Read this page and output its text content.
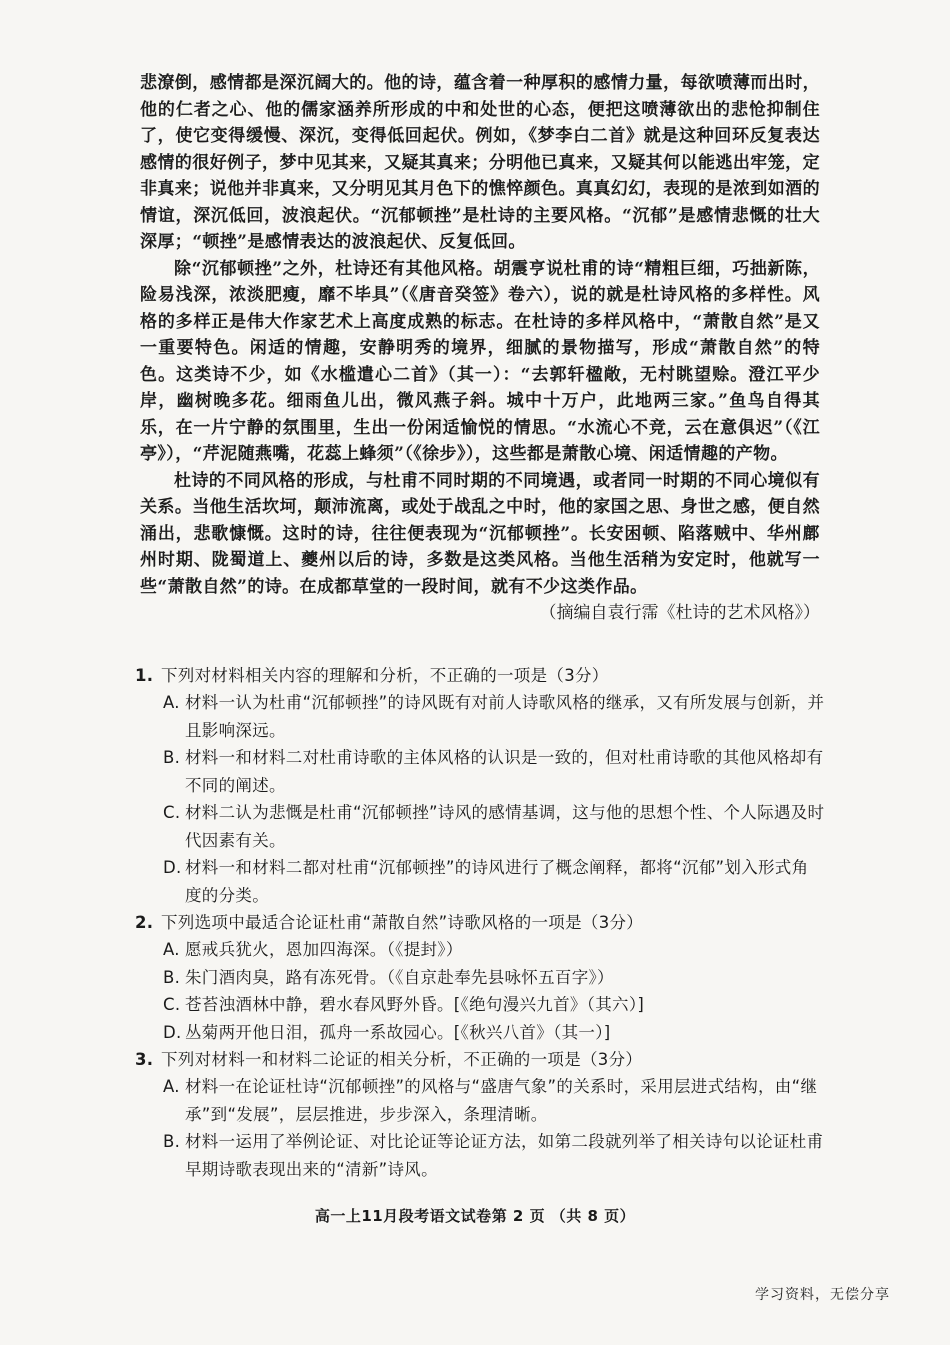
悲潦倒，感情都是深沉阔大的。他的诗，蕴含着一种厚积的感情力量，每欲喷薄而出时，他的仁者之心、他的儒家涵养所形成的中和处世的心态，便把这喷薄欲出的悲怆抑制住了，使它变得缓慢、深沉，变得低回起伏。例如，《梦李白二首》就是这种回环反复表达感情的很好例子，梦中见其来，又疑其真来；分明他已真来，又疑其何以能逃出牢笼，定非真来；说他并非真来，又分明见其月色下的憔悴颜色。真真幻幻，表现的是浓到如酒的情谊，深沉低回，波浪起伏。“沉郁顿挫”是杜诗的主要风格。“沉郁”是感情悲慨的壮大深厚；“顿挫”是感情表达的波浪起伏、反复低回。

除“沉郁顿挫”之外，杜诗还有其他风格。胡震亨说杜甫的诗“精粗巨细，巧拙新陈，险易浅深，浓淡肥瘦，靡不毕具”（《唐音癸签》卷六），说的就是杜诗风格的多样性。风格的多样正是伟大作家艺术上高度成熟的标志。在杜诗的多样风格中，“萧散自然”是又一重要特色。闲适的情趣，安静明秀的境界，细腻的景物描写，形成“萧散自然”的特色。这类诗不少，如《水槛遣心二首》（其一）：“去郭轩楹敞，无村眺望赊。澄江平少岸，幽树晚多花。细雨鱼儿出，微风燕子斜。城中十万户，此地两三家。”鱼鸟自得其乐，在一片宁静的氛围里，生出一份闲适愉悦的情思。“水流心不竞，云在意俱迟”（《江亭》），“芹泥随燕嘴，花蕊上蜂须”（《徐步》），这些都是萧散心境、闲适情趣的产物。

杜诗的不同风格的形成，与杜甫不同时期的不同境遇，或者同一时期的不同心境似有关系。当他生活坎坷，颠沛流离，或处于战乱之中时，他的家国之思、身世之感，便自然涌出，悲歌慷慨。这时的诗，往往便表现为“沉郁顿挫”。长安困顿、陷落贼中、华州鄜州时期、陇蜀道上、夔州以后的诗，多数是这类风格。当他生活稍为安定时，他就写一些“萧散自然”的诗。在成都草堂的一段时间，就有不少这类作品。

（摘编自袁行霈《杜诗的艺术风格》）

1. 下列对材料相关内容的理解和分析，不正确的一项是（3分）

A. 材料一认为杜甫“沉郁顿挫”的诗风既有对前人诗歌风格的继承，又有所发展与创新，并且影响深远。

B. 材料一和材料二对杜甫诗歌的主体风格的认识是一致的，但对杜甫诗歌的其他风格却有不同的阐述。

C. 材料二认为悲慨是杜甫“沉郁顿挫”诗风的感情基调，这与他的思想个性、个人际遇及时代因素有关。

D. 材料一和材料二都对杜甫“沉郁顿挫”的诗风进行了概念阐释，都将“沉郁”划入形式角度的分类。

2. 下列选项中最适合论证杜甫“萧散自然”诗歌风格的一项是（3分）

A. 愿戒兵犹火，恩加四海深。（《提封》）

B. 朱门酒肉臭，路有冻死骨。（《自京赴奉先县咏怀五百字》）

C. 苍苔浊酒林中静，碧水春风野外昏。[《绝句漫兴九首》（其六）]

D. 丛菊两开他日泪，孤舟一系故园心。[《秋兴八首》（其一）]

3. 下列对材料一和材料二论证的相关分析，不正确的一项是（3分）

A. 材料一在论证杜诗“沉郁顿挫”的风格与“盛唐气象”的关系时，采用层进式结构，由“继承”到“发展”，层层推进，步步深入，条理清晰。

B. 材料一运用了举例论证、对比论证等论证方法，如第二段就列举了相关诗句以论证杜甫早期诗歌表现出来的“清新”诗风。

高一上11月段考语文试卷第 2 页 （共 8 页）
学习资料，无偿分享
